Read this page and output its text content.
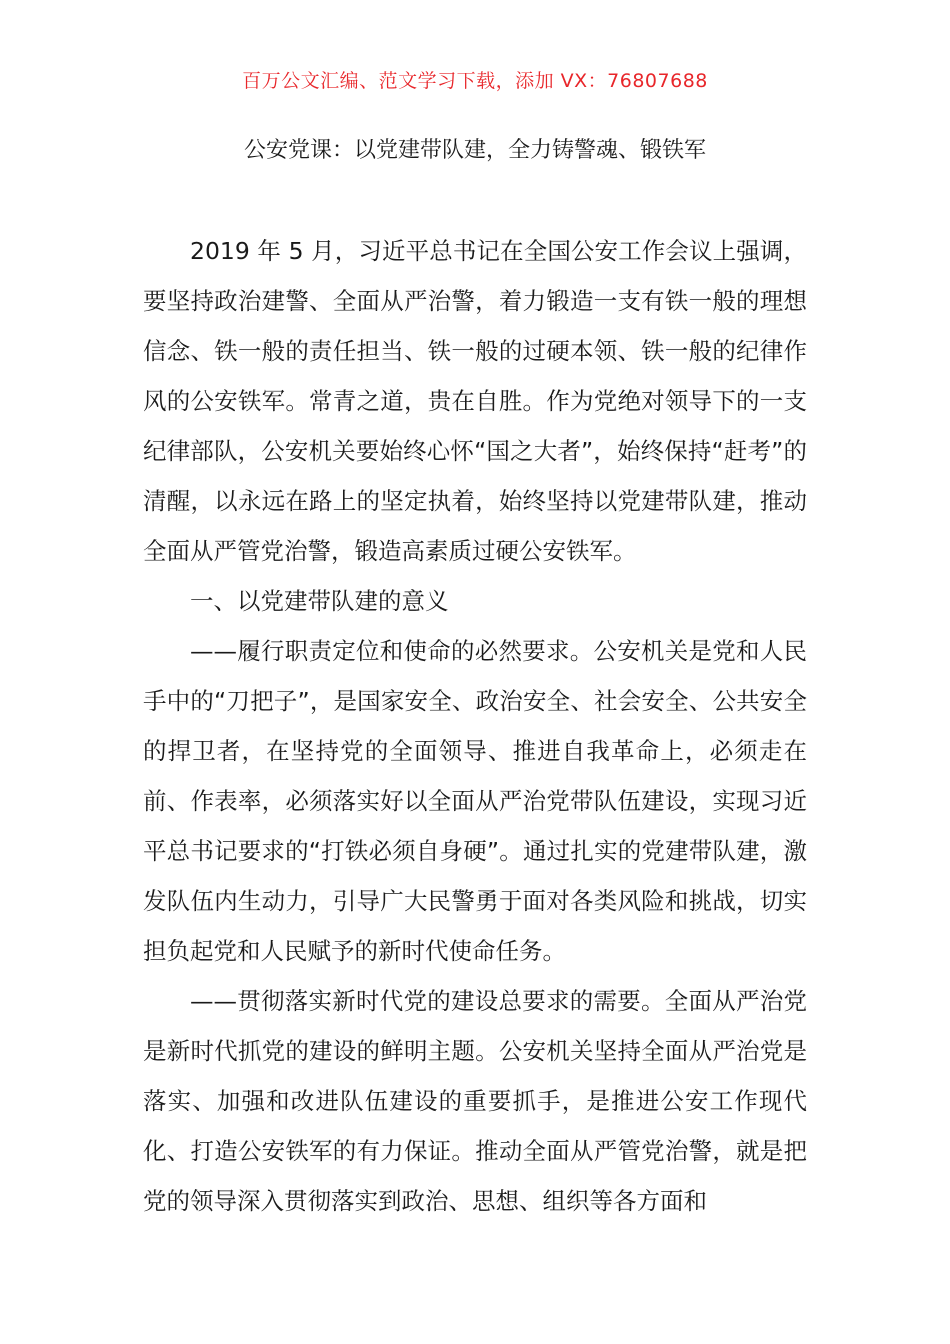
百万公文汇编、范文学习下载，添加 VX：76807688
公安党课：以党建带队建，全力铸警魂、锻铁军

2019 年 5 月，习近平总书记在全国公安工作会议上强调，要坚持政治建警、全面从严治警，着力锻造一支有铁一般的理想信念、铁一般的责任担当、铁一般的过硬本领、铁一般的纪律作风的公安铁军。常青之道，贵在自胜。作为党绝对领导下的一支纪律部队，公安机关要始终心怀“国之大者”，始终保持“赶考”的清醒，以永远在路上的坚定执着，始终坚持以党建带队建，推动全面从严管党治警，锻造高素质过硬公安铁军。

一、以党建带队建的意义

——履行职责定位和使命的必然要求。公安机关是党和人民手中的“刀把子”，是国家安全、政治安全、社会安全、公共安全的捍卫者，在坚持党的全面领导、推进自我革命上，必须走在前、作表率，必须落实好以全面从严治党带队伍建设，实现习近平总书记要求的“打铁必须自身硬”。通过扎实的党建带队建，激发队伍内生动力，引导广大民警勇于面对各类风险和挑战，切实担负起党和人民赋予的新时代使命任务。

——贯彻落实新时代党的建设总要求的需要。全面从严治党是新时代抓党的建设的鲜明主题。公安机关坚持全面从严治党是落实、加强和改进队伍建设的重要抓手，是推进公安工作现代化、打造公安铁军的有力保证。推动全面从严管党治警，就是把党的领导深入贯彻落实到政治、思想、组织等各方面和
